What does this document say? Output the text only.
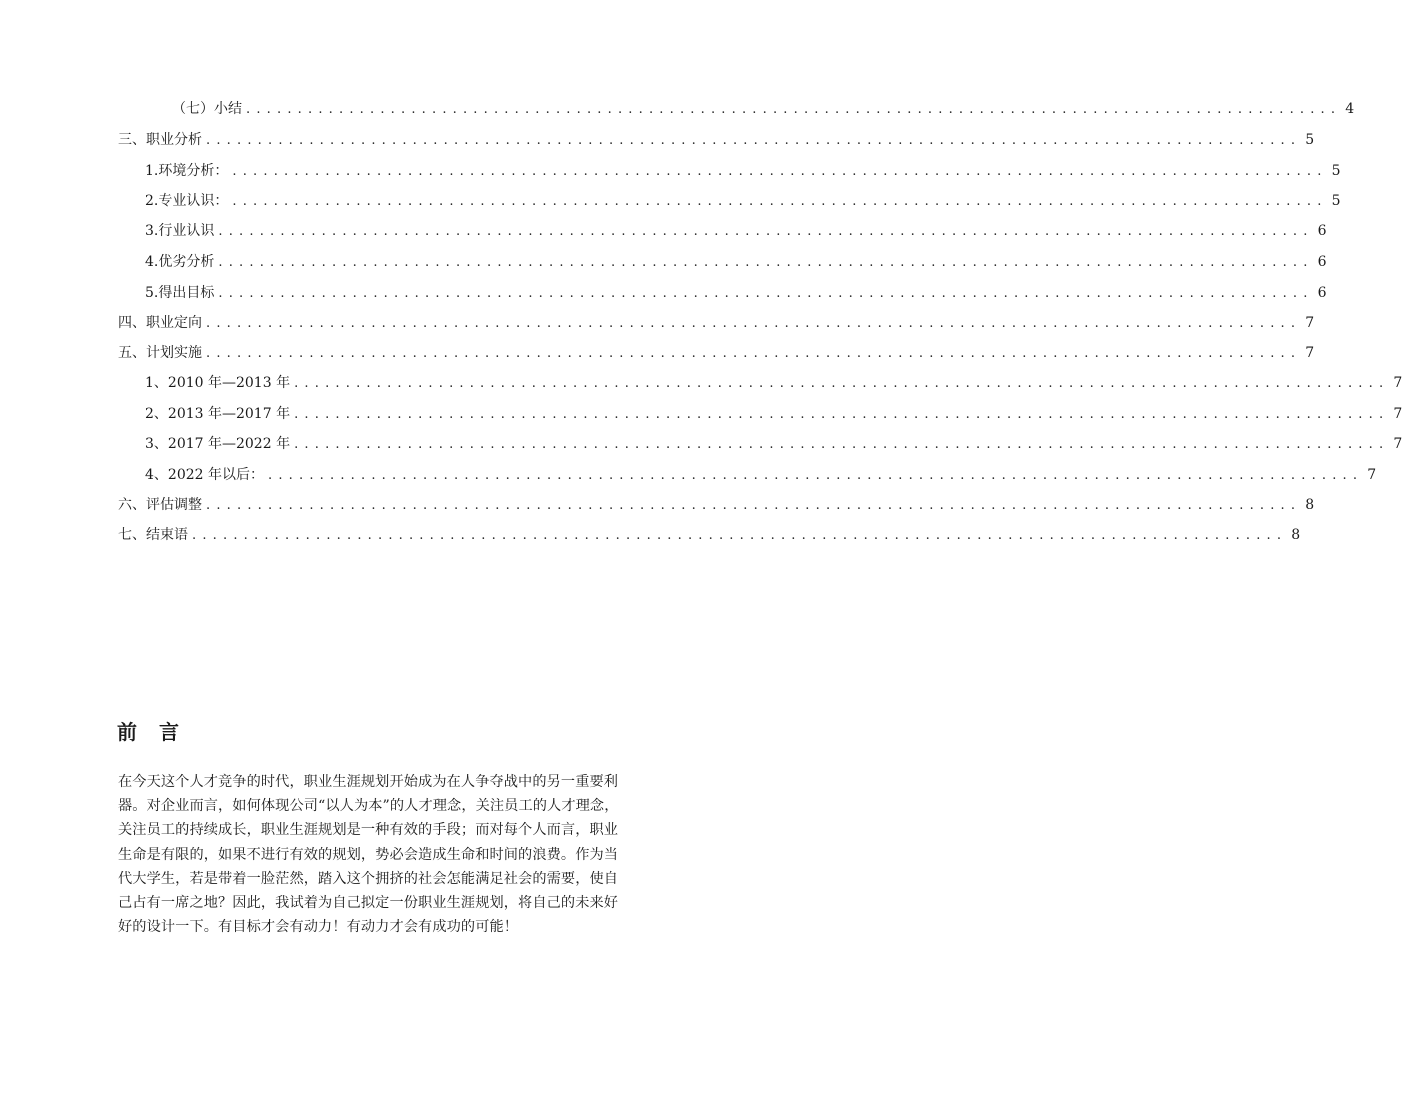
（七）小结 .......................................................................................................... 4
三、职业分析 .......................................................................................................... 5
1.环境分析： .......................................................................................................... 5
2.专业认识： .......................................................................................................... 5
3.行业认识 .......................................................................................................... 6
4.优劣分析 .......................................................................................................... 6
5.得出目标 .......................................................................................................... 6
四、职业定向 .......................................................................................................... 7
五、计划实施 .......................................................................................................... 7
1、2010 年—2013 年 .......................................................................................................... 7
2、2013 年—2017 年 .......................................................................................................... 7
3、2017 年—2022 年 .......................................................................................................... 7
4、2022 年以后： .......................................................................................................... 7
六、评估调整 .......................................................................................................... 8
七、结束语 .......................................................................................................... 8
前言
在今天这个人才竞争的时代，职业生涯规划开始成为在人争夺战中的另一重要利
器。对企业而言，如何体现公司“以人为本”的人才理念，关注员工的人才理念，
关注员工的持续成长，职业生涯规划是一种有效的手段；而对每个人而言，职业
生命是有限的，如果不进行有效的规划，势必会造成生命和时间的浪费。作为当
代大学生，若是带着一脸茫然，踏入这个拥挤的社会怎能满足社会的需要，使自
己占有一席之地？因此，我试着为自己拟定一份职业生涯规划，将自己的未来好
好的设计一下。有目标才会有动力！有动力才会有成功的可能！
